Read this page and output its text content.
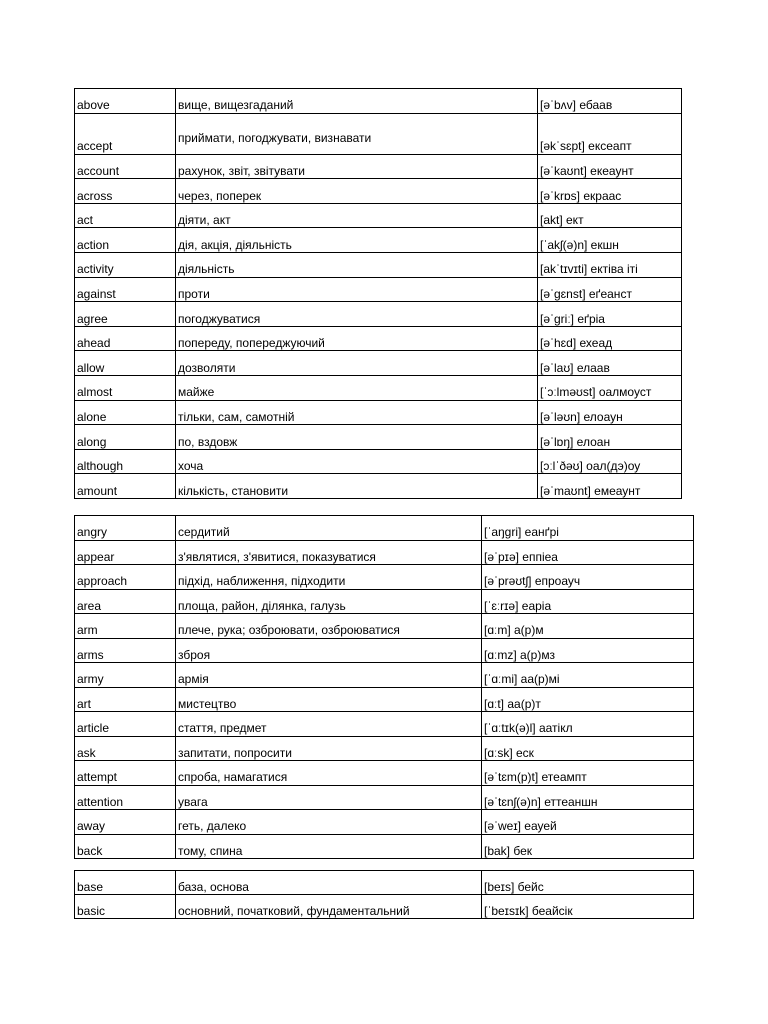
above	вище, вищезгаданий	[əˈbʌv] ебаав
accept	приймати, погоджувати, визнавати	[əkˈsɛpt] ексеапт
account	рахунок, звіт, звітувати	[əˈkaʊnt] екеаунт
across	через, поперек	[əˈkrɒs] екраас
act	діяти, акт	[akt] ект
action	дія, акція, діяльність	[ˈakʃ(ə)n] екшн
activity	діяльність	[akˈtɪvɪti] ектіва іті
against	проти	[əˈgɛnst] еґеанст
agree	погоджуватися	[əˈgriː] еґріа
ahead	попереду, попереджуючий	[əˈhɛd] ехеад
allow	дозволяти	[əˈlaʊ] елаав
almost	майже	[ˈɔːlməʊst] оалмоуст
alone	тільки, сам, самотній	[əˈləʊn] елоаун
along	по, вздовж	[əˈlɒŋ] елоан
although	хоча	[ɔːlˈðəʊ] оал(дэ)оу
amount	кількість, становити	[əˈmaʊnt] емеаунт
angry	сердитий	[ˈaŋgri] еанґрі
appear	з'являтися, з'явитися, показуватися	[əˈpɪə] еппіеа
approach	підхід, наближення, підходити	[əˈprəʊtʃ] епроауч
area	площа, район, ділянка, галузь	[ˈɛːrɪə] еаріа
arm	плече, рука; озброювати, озброюватися	[ɑːm] а(р)м
arms	зброя	[ɑːmz] а(р)мз
army	армія	[ˈɑːmi] аа(р)мі
art	мистецтво	[ɑːt] аа(р)т
article	стаття, предмет	[ˈɑːtɪk(ə)l] аатікл
ask	запитати, попросити	[ɑːsk] еск
attempt	спроба, намагатися	[əˈtɛm(p)t] етеампт
attention	увага	[əˈtɛnʃ(ə)n] еттеаншн
away	геть, далеко	[əˈweɪ] еауей
back	тому, спина	[bak] бек
base	база, основа	[beɪs] бейс
basic	основний, початковий, фундаментальний	[ˈbeɪsɪk] беайсік
